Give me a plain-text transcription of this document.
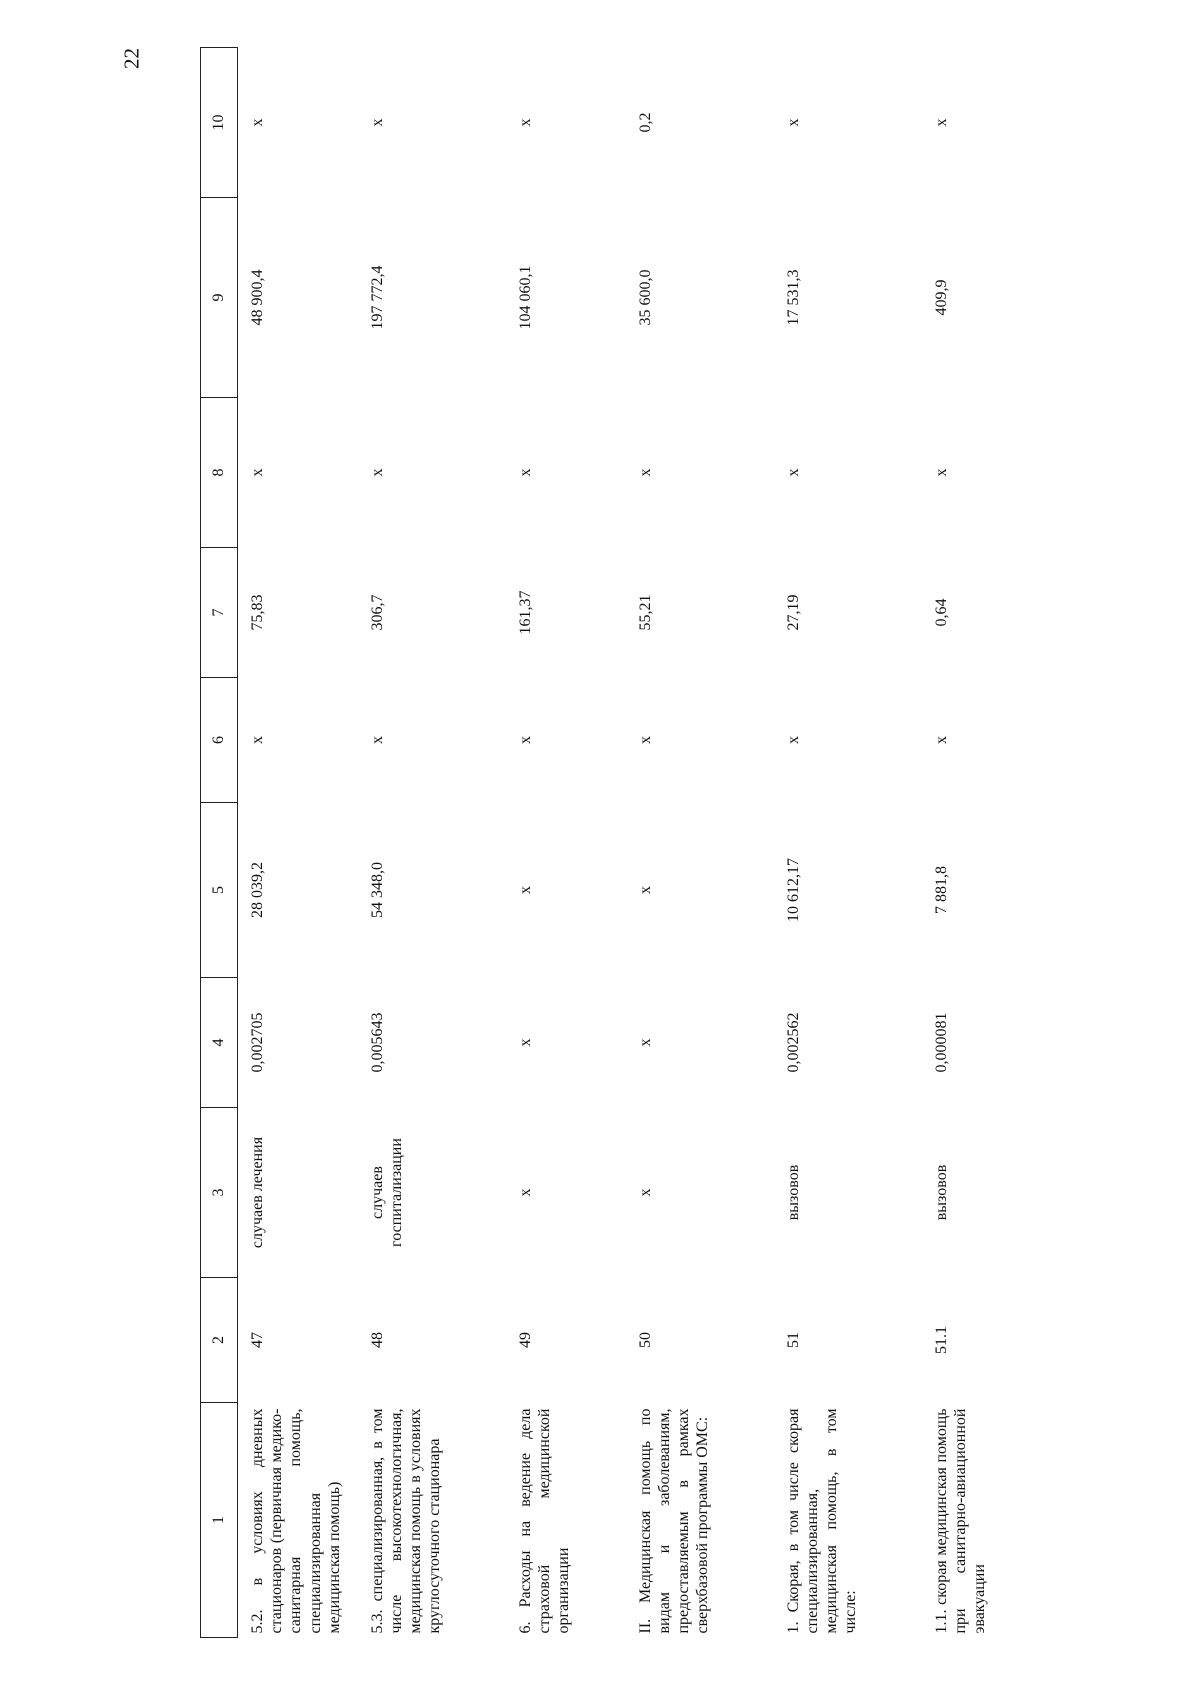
22
1	2	3	4	5	6	7	8	9	10
5.2. в условиях дневных стационаров (первичная медико-санитарная помощь, специализированная медицинская помощь)	47	случаев лечения	0,002705	28 039,2	х	75,83	х	48 900,4	х
5.3. специализированная, в том числе высокотехнологичная, медицинская помощь в условиях круглосуточного стационара	48	случаев госпитализации	0,005643	54 348,0	х	306,7	х	197 772,4	х
6. Расходы на ведение дела страховой медицинской организации	49	х	х	х	х	161,37	х	104 060,1	х
II. Медицинская помощь по видам и заболеваниям, предоставляемым в рамках сверхбазовой программы ОМС:	50	х	х	х	х	55,21	х	35 600,0	0,2
1. Скорая, в том числе скорая специализированная, медицинская помощь, в том числе:	51	вызовов	0,002562	10 612,17	х	27,19	х	17 531,3	х
1.1. скорая медицинская помощь при санитарно-авиационной эвакуации	51.1	вызовов	0,000081	7 881,8	х	0,64	х	409,9	х
